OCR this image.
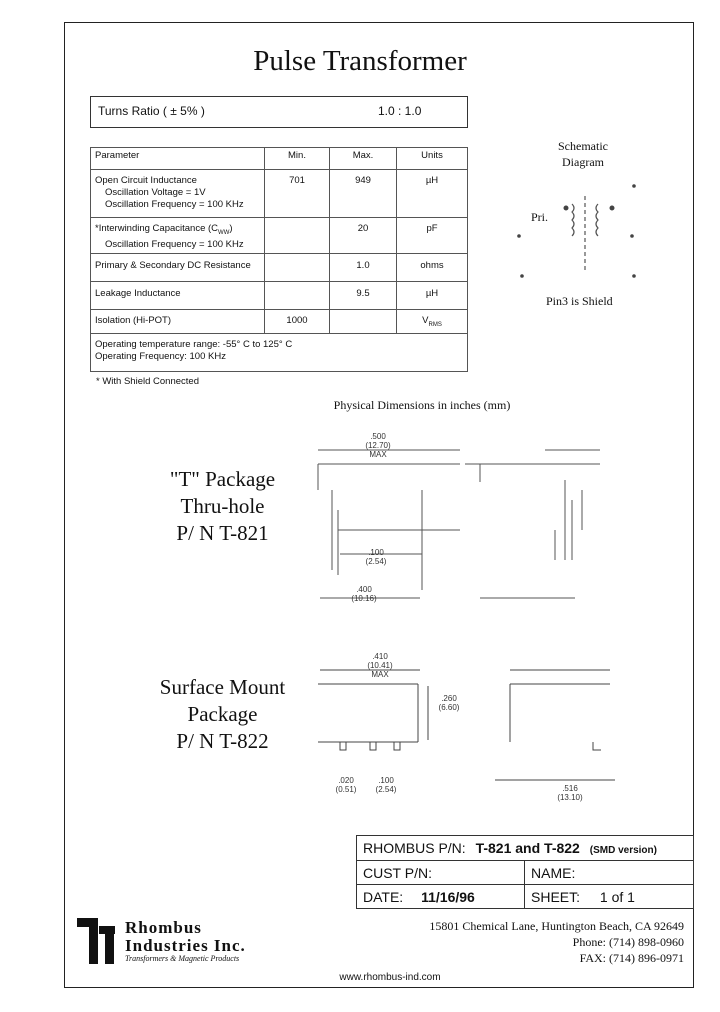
Pulse Transformer
Turns Ratio ( ± 5% )	1.0 : 1.0
Parameter	Min.	Max.	Units

Open Circuit Inductance
Oscillation Voltage = 1V
Oscillation Frequency = 100 KHz	701	949	µH

*Interwinding Capacitance $(C_{WW})$
Oscillation Frequency = 100 KHz		20	pF
Primary & Secondary DC Resistance		1.0	ohms
Leakage Inductance		9.5	µH
Isolation (Hi-POT)	1000		$V_{RMS}$

Operating temperature range: -55° C to 125° C
Operating Frequency: 100 KHz			
* With Shield Connected
Schematic
Diagram
Pri.
Pin3 is Shield
Physical Dimensions in inches (mm)
"T" Package
Thru-hole
P/ N T-821
.500
(12.70)
MAX
.100
(2.54)
.400
(10.16)
Surface Mount
Package
P/ N T-822
.410
(10.41)
MAX
.260
(6.60)
.020
(0.51)
.100
(2.54)	.516
(13.10)
RHOMBUS P/N: T-821 and T-822 (SMD version)	
CUST P/N:	NAME:
DATE: 11/16/96	SHEET: 1 of 1
Rhombus
Industries Inc.
Transformers & Magnetic Products
15801 Chemical Lane, Huntington Beach, CA 92649
Phone: (714) 898-0960
FAX: (714) 896-0971
www.rhombus-ind.com
